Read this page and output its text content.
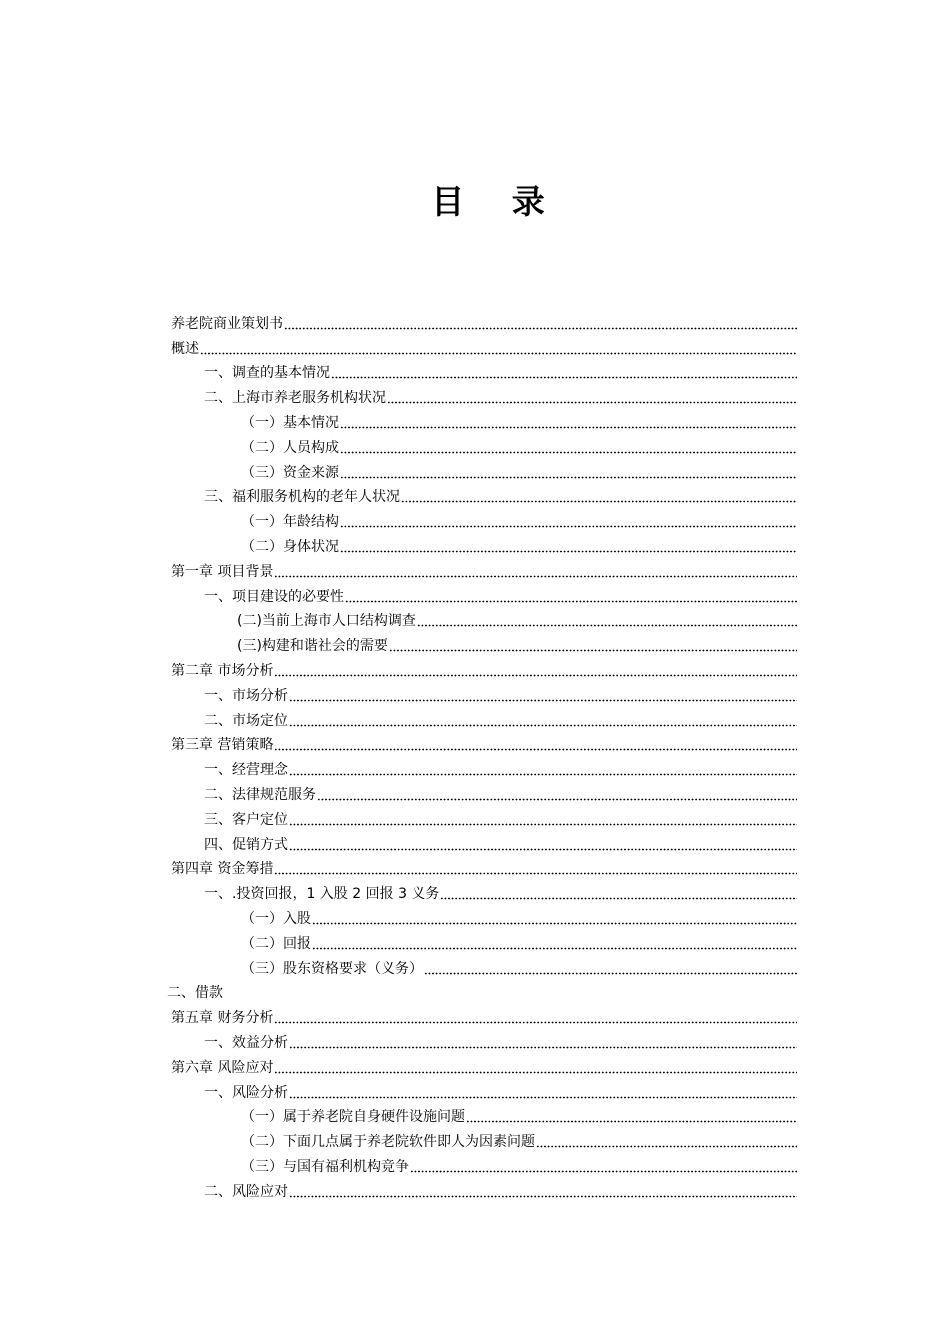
目 录
养老院商业策划书
概述
一、调查的基本情况
二、上海市养老服务机构状况
（一）基本情况
（二）人员构成
（三）资金来源
三、福利服务机构的老年人状况
（一）年龄结构
（二）身体状况
第一章 项目背景
一、项目建设的必要性
(二)当前上海市人口结构调查
(三)构建和谐社会的需要
第二章 市场分析
一、市场分析
二、市场定位
第三章 营销策略
一、经营理念
二、法律规范服务
三、客户定位
四、促销方式
第四章 资金筹措
一、.投资回报，1 入股 2 回报 3 义务
（一）入股
（二）回报
（三）股东资格要求（义务）
二、借款
第五章 财务分析
一、效益分析
第六章 风险应对
一、风险分析
（一）属于养老院自身硬件设施问题
（二）下面几点属于养老院软件即人为因素问题
（三）与国有福利机构竞争
二、风险应对
